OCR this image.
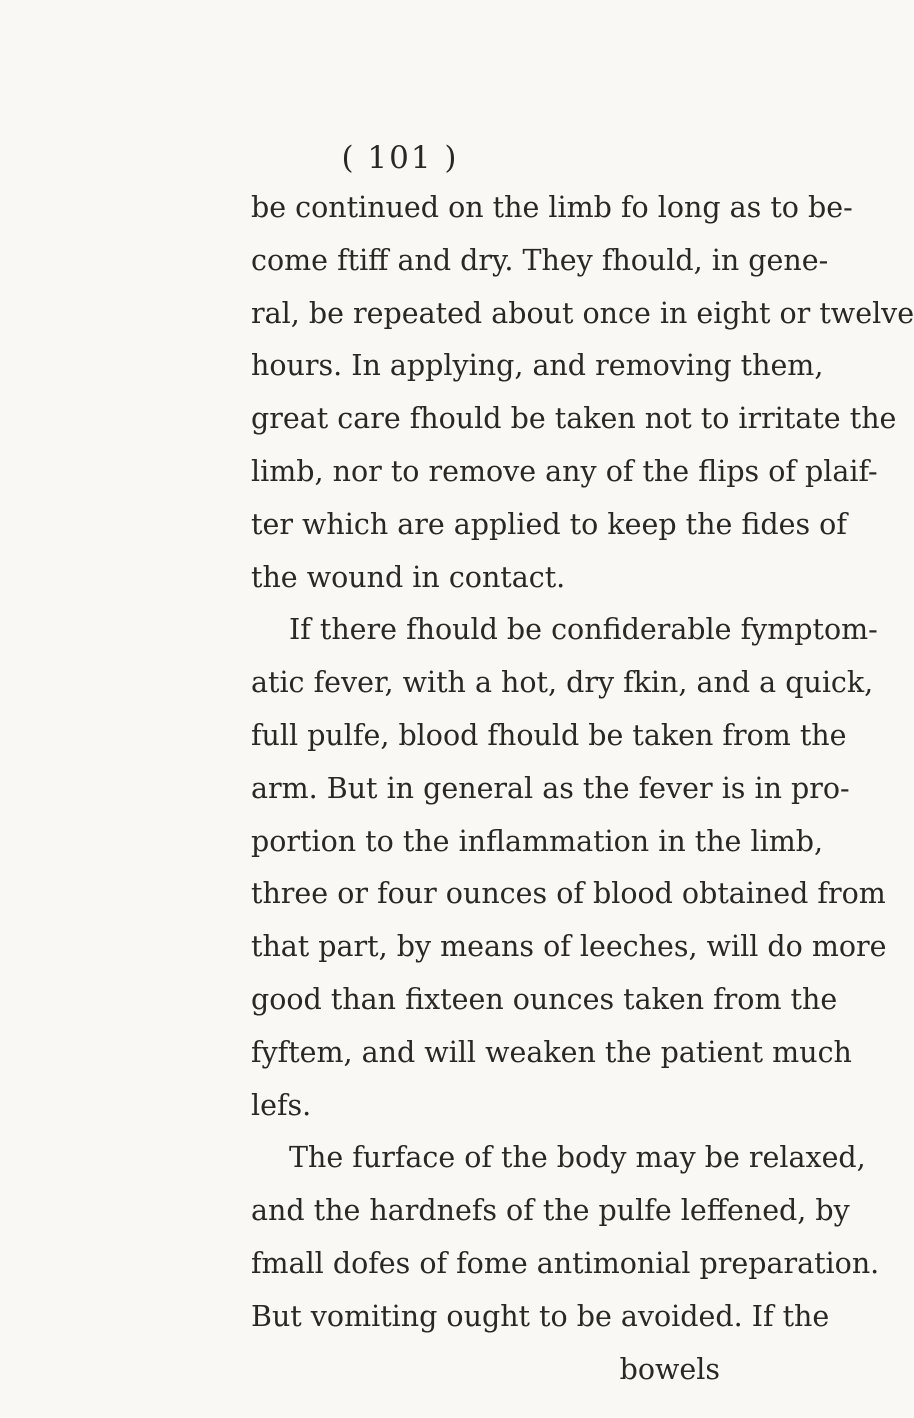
( 101 )
be continued on the limb fo long as to be-
come ftiff and dry. They fhould, in gene-
ral, be repeated about once in eight or twelve
hours. In applying, and removing them,
great care fhould be taken not to irritate the
limb, nor to remove any of the flips of plaif-
ter which are applied to keep the fides of
the wound in contact.
If there fhould be confiderable fymptom-
atic fever, with a hot, dry fkin, and a quick,
full pulfe, blood fhould be taken from the
arm. But in general as the fever is in pro-
portion to the inflammation in the limb,
three or four ounces of blood obtained from
that part, by means of leeches, will do more
good than fixteen ounces taken from the
fyftem, and will weaken the patient much
lefs.
The furface of the body may be relaxed,
and the hardnefs of the pulfe leffened, by
fmall dofes of fome antimonial preparation.
But vomiting ought to be avoided. If the
bowels
